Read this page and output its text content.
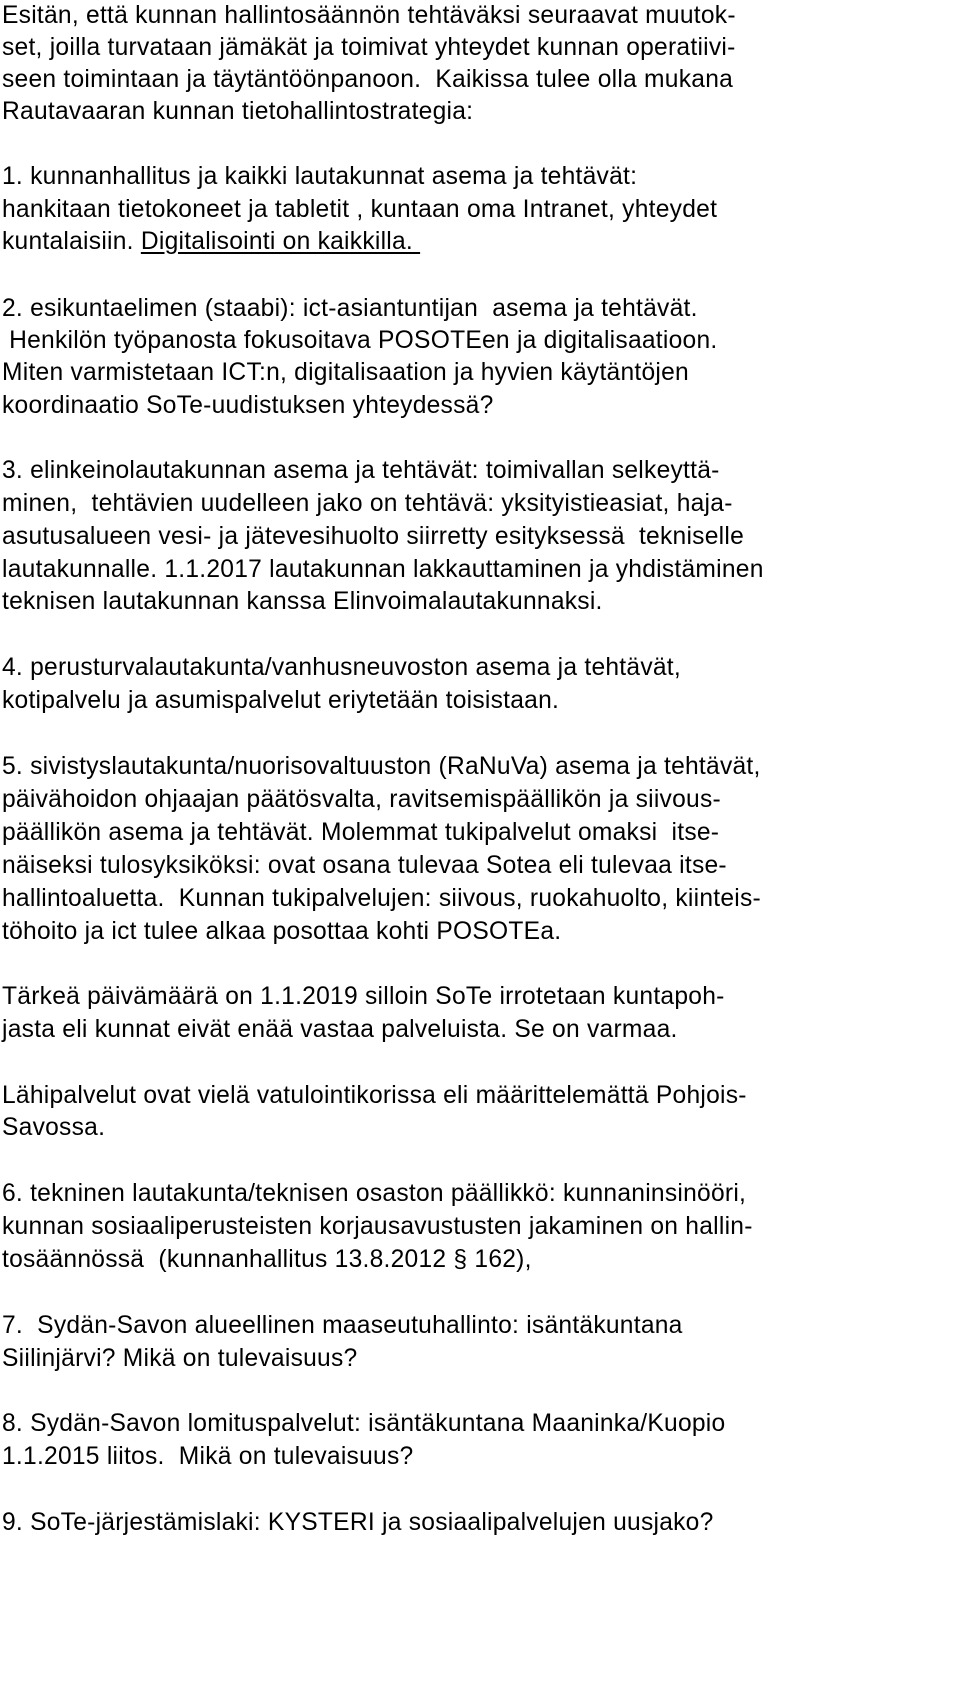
Esitän, että kunnan hallintosäännön tehtäväksi seuraavat muutok-
set, joilla turvataan jämäkät ja toimivat yhteydet kunnan operatiivi-
seen toimintaan ja täytäntöönpanoon.  Kaikissa tulee olla mukana
Rautavaaran kunnan tietohallintostrategia:
1. kunnanhallitus ja kaikki lautakunnat asema ja tehtävät:
hankitaan tietokoneet ja tabletit , kuntaan oma Intranet, yhteydet
kuntalaisiin. Digitalisointi on kaikkilla.
2. esikuntaelimen (staabi): ict-asiantuntijan  asema ja tehtävät.
Henkilön työpanosta fokusoitava POSOTEen ja digitalisaatioon.
Miten varmistetaan ICT:n, digitalisaation ja hyvien käytäntöjen
koordinaatio SoTe-uudistuksen yhteydessä?
3. elinkeinolautakunnan asema ja tehtävät: toimivallan selkeyttä-
minen,  tehtävien uudelleen jako on tehtävä: yksityistieasiat, haja-
asutusalueen vesi- ja jätevesihuolto siirretty esityksessä  tekniselle
lautakunnalle. 1.1.2017 lautakunnan lakkauttaminen ja yhdistäminen
teknisen lautakunnan kanssa Elinvoimalautakunnaksi.
4. perusturvalautakunta/vanhusneuvoston asema ja tehtävät,
kotipalvelu ja asumispalvelut eriytetään toisistaan.
5. sivistyslautakunta/nuorisovaltuuston (RaNuVa) asema ja tehtävät,
päivähoidon ohjaajan päätösvalta, ravitsemispäällikön ja siivous-
päällikön asema ja tehtävät. Molemmat tukipalvelut omaksi  itse-
näiseksi tulosyksiköksi: ovat osana tulevaa Sotea eli tulevaa itse-
hallintoaluetta.  Kunnan tukipalvelujen: siivous, ruokahuolto, kiinteis-
töhoito ja ict tulee alkaa posottaa kohti POSOTEa.
Tärkeä päivämäärä on 1.1.2019 silloin SoTe irrotetaan kuntapoh-
jasta eli kunnat eivät enää vastaa palveluista. Se on varmaa.
Lähipalvelut ovat vielä vatulointikorissa eli määrittelemättä Pohjois-
Savossa.
6. tekninen lautakunta/teknisen osaston päällikkö: kunnaninsinööri,
kunnan sosiaaliperusteisten korjausavustusten jakaminen on hallin-
tosäännössä  (kunnanhallitus 13.8.2012 § 162),
7.  Sydän-Savon alueellinen maaseutuhallinto: isäntäkuntana
Siilinjärvi? Mikä on tulevaisuus?
8. Sydän-Savon lomituspalvelut: isäntäkuntana Maaninka/Kuopio
1.1.2015 liitos.  Mikä on tulevaisuus?
9. SoTe-järjestämislaki: KYSTERI ja sosiaalipalvelujen uusjako?
